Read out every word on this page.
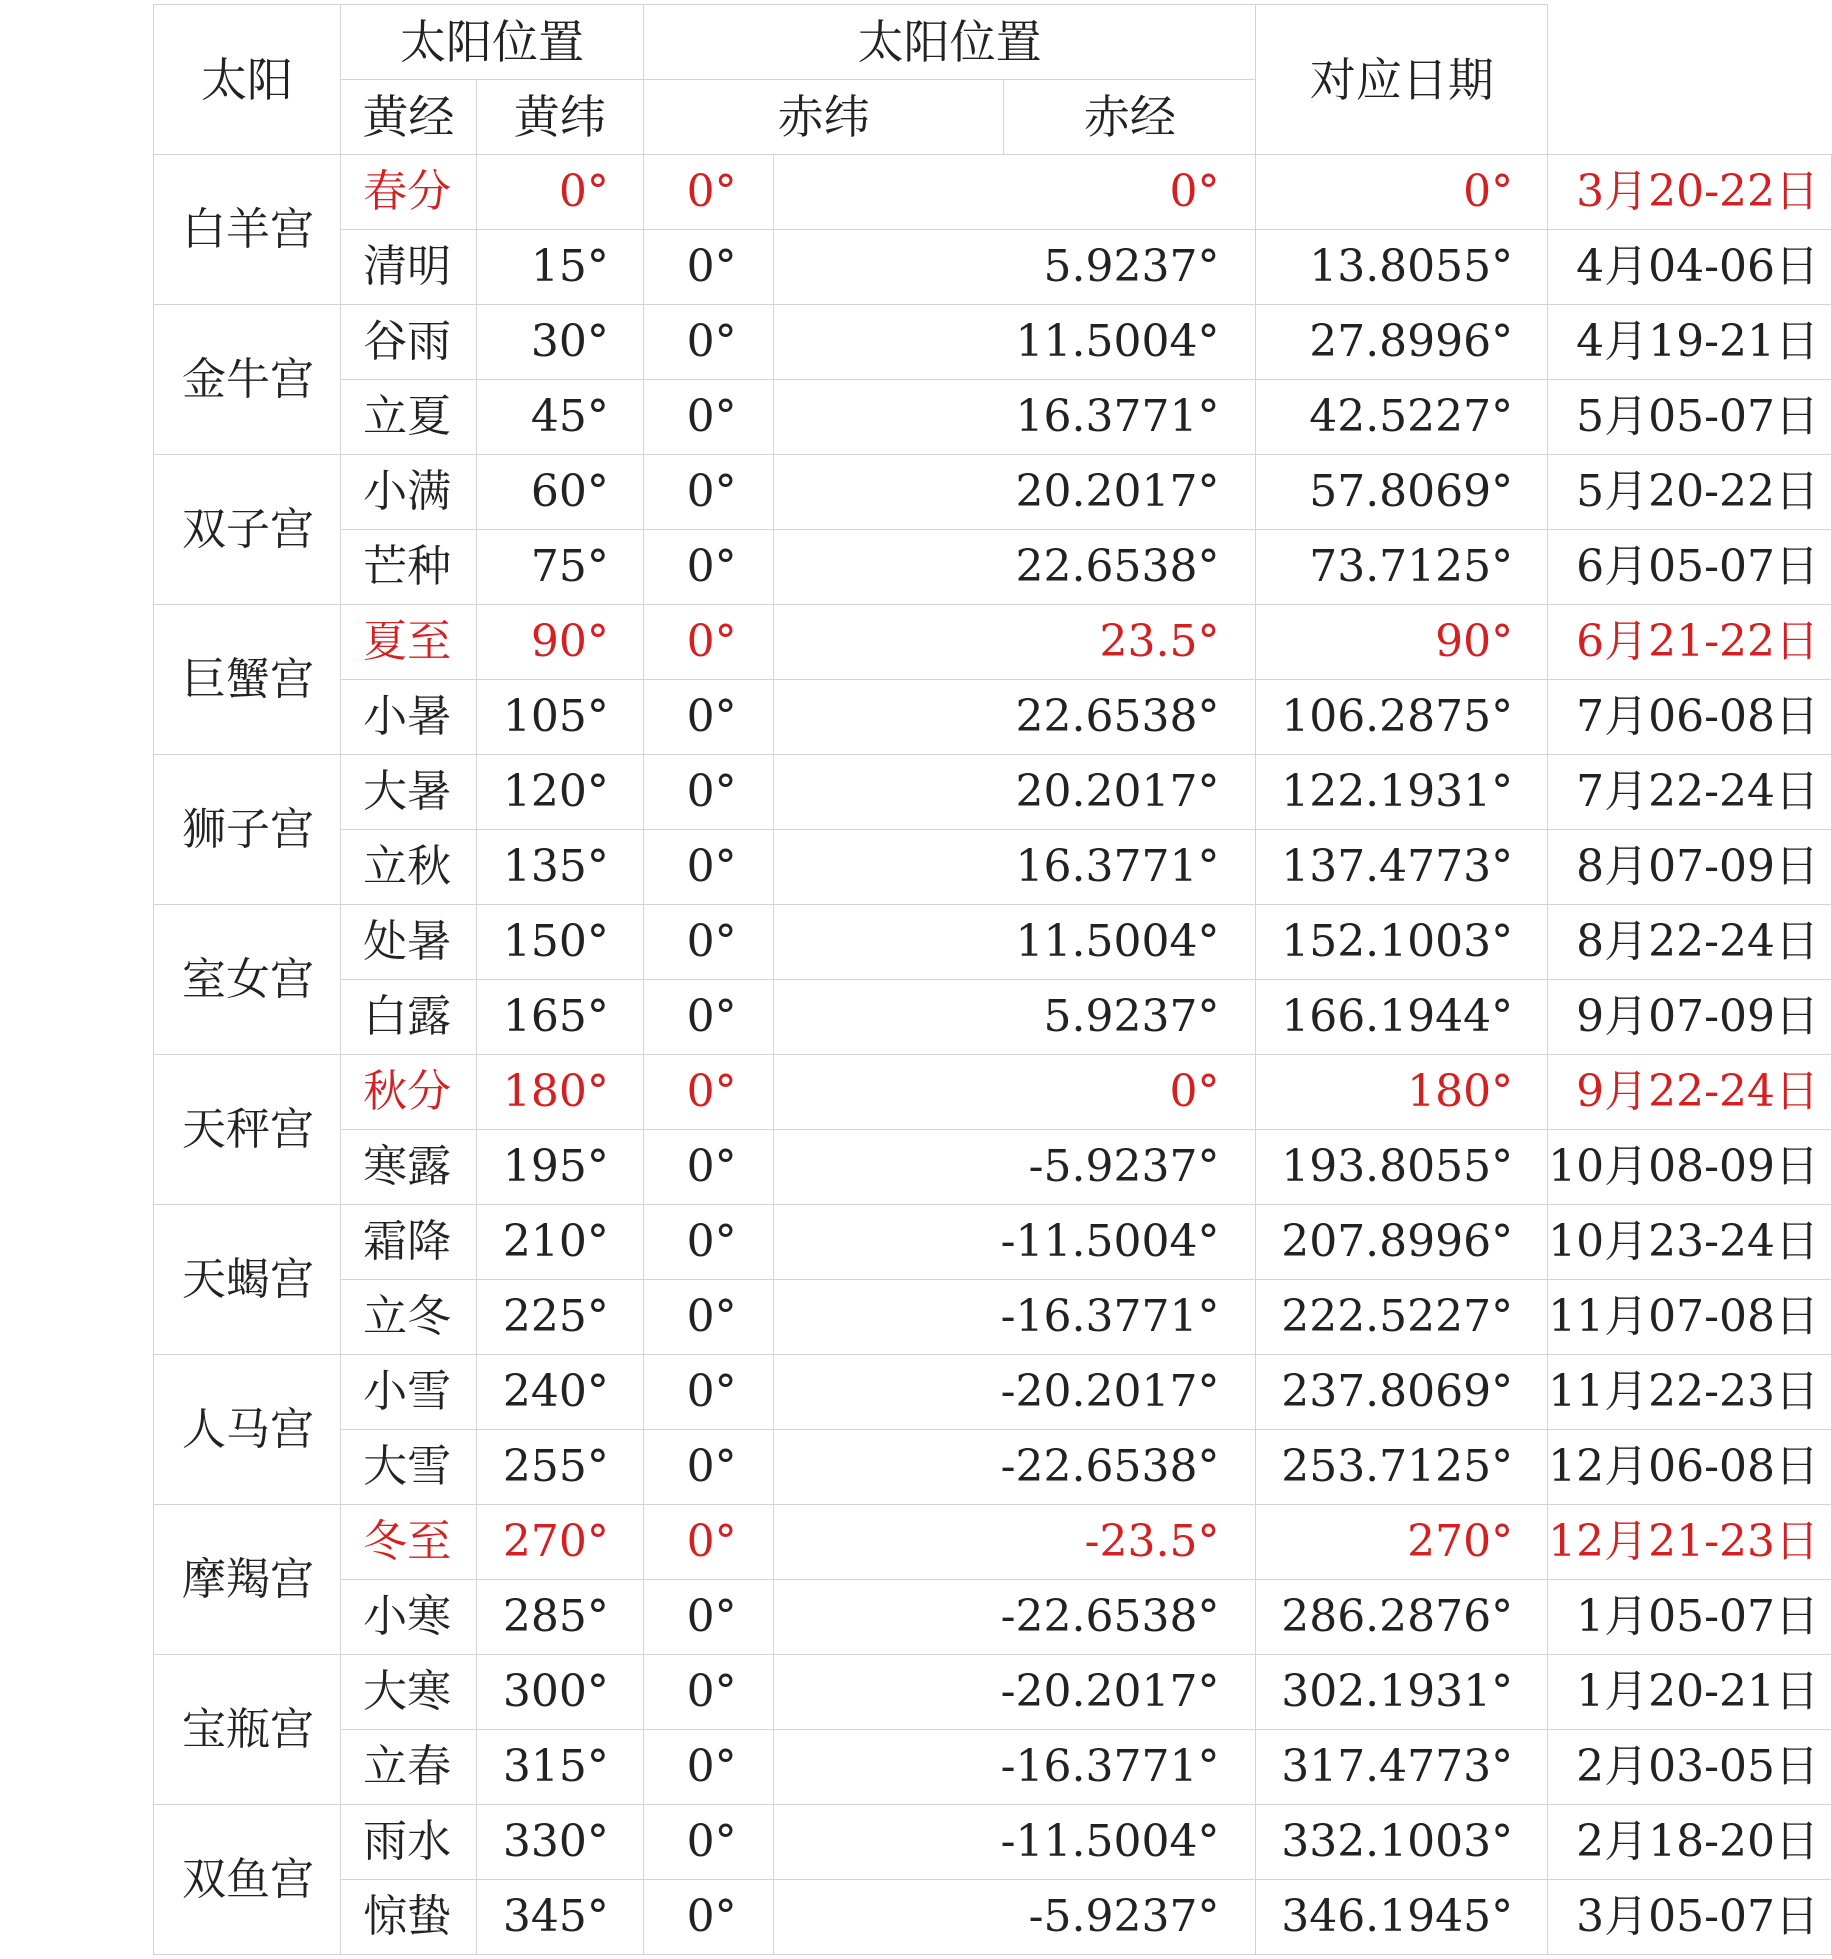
太阳	太阳位置		太阳位置			对应日期	
	黄经	黄纬	赤纬		赤经		
白羊宫	春分	0°	0°	0°		0°	3月20-22日
	清明	15°	0°	5.9237°		13.8055°	4月04-06日
金牛宫	谷雨	30°	0°	11.5004°		27.8996°	4月19-21日
	立夏	45°	0°	16.3771°		42.5227°	5月05-07日
双子宫	小满	60°	0°	20.2017°		57.8069°	5月20-22日
	芒种	75°	0°	22.6538°		73.7125°	6月05-07日
巨蟹宫	夏至	90°	0°	23.5°		90°	6月21-22日
	小暑	105°	0°	22.6538°		106.2875°	7月06-08日
狮子宫	大暑	120°	0°	20.2017°		122.1931°	7月22-24日
	立秋	135°	0°	16.3771°		137.4773°	8月07-09日
室女宫	处暑	150°	0°	11.5004°		152.1003°	8月22-24日
	白露	165°	0°	5.9237°		166.1944°	9月07-09日
天秤宫	秋分	180°	0°	0°		180°	9月22-24日
	寒露	195°	0°	-5.9237°		193.8055°	10月08-09日
天蝎宫	霜降	210°	0°	-11.5004°		207.8996°	10月23-24日
	立冬	225°	0°	-16.3771°		222.5227°	11月07-08日
人马宫	小雪	240°	0°	-20.2017°		237.8069°	11月22-23日
	大雪	255°	0°	-22.6538°		253.7125°	12月06-08日
摩羯宫	冬至	270°	0°	-23.5°		270°	12月21-23日
	小寒	285°	0°	-22.6538°		286.2876°	1月05-07日
宝瓶宫	大寒	300°	0°	-20.2017°		302.1931°	1月20-21日
	立春	315°	0°	-16.3771°		317.4773°	2月03-05日
双鱼宫	雨水	330°	0°	-11.5004°		332.1003°	2月18-20日
	惊蛰	345°	0°	-5.9237°		346.1945°	3月05-07日
